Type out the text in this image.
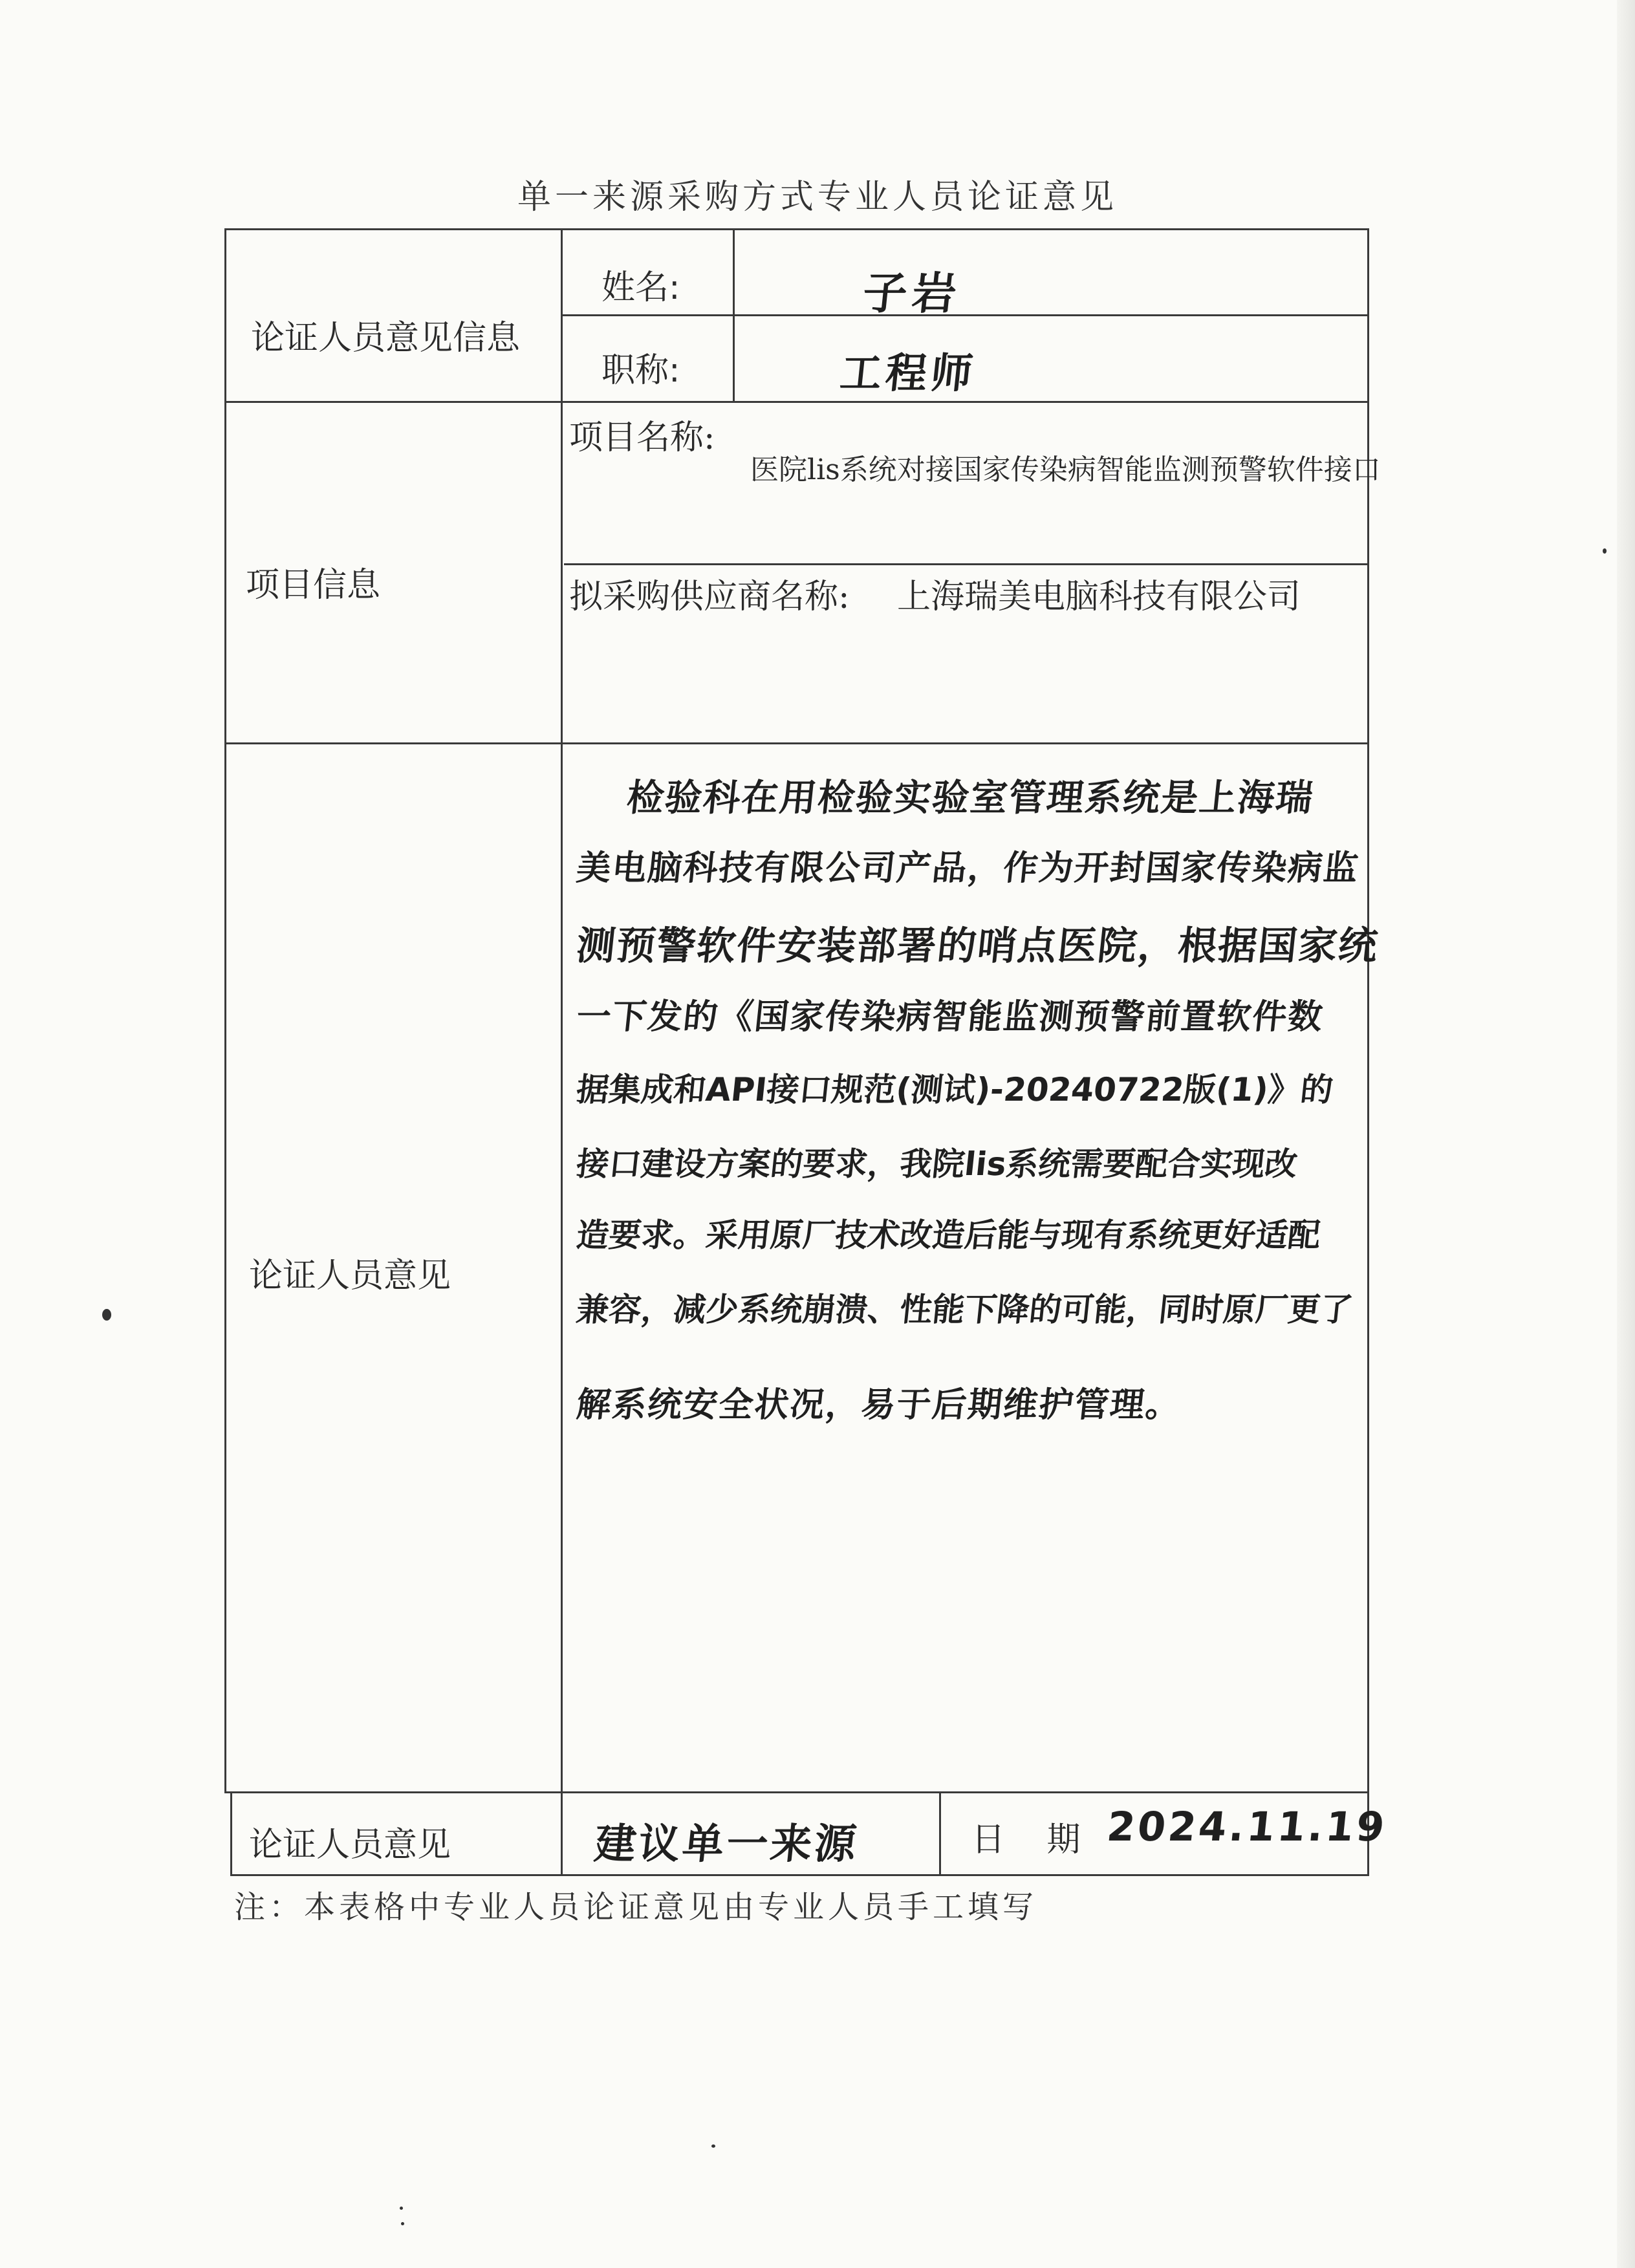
单一来源采购方式专业人员论证意见
论证人员意见信息
姓名:	子岩
职称:	工程师
项目信息
项目名称:
医院lis系统对接国家传染病智能监测预警软件接口
拟采购供应商名称: 上海瑞美电脑科技有限公司
论证人员意见
检验科在用检验实验室管理系统是上海瑞
美电脑科技有限公司产品，作为开封国家传染病监
测预警软件安装部署的哨点医院，根据国家统
一下发的《国家传染病智能监测预警前置软件数
据集成和API接口规范(测试)-20240722版(1)》的
接口建设方案的要求，我院lis系统需要配合实现改
造要求。采用原厂技术改造后能与现有系统更好适配
兼容，减少系统崩溃、性能下降的可能，同时原厂更了
解系统安全状况，易于后期维护管理。
论证人员意见	建议单一来源	日 期 2024.11.19
注：本表格中专业人员论证意见由专业人员手工填写
